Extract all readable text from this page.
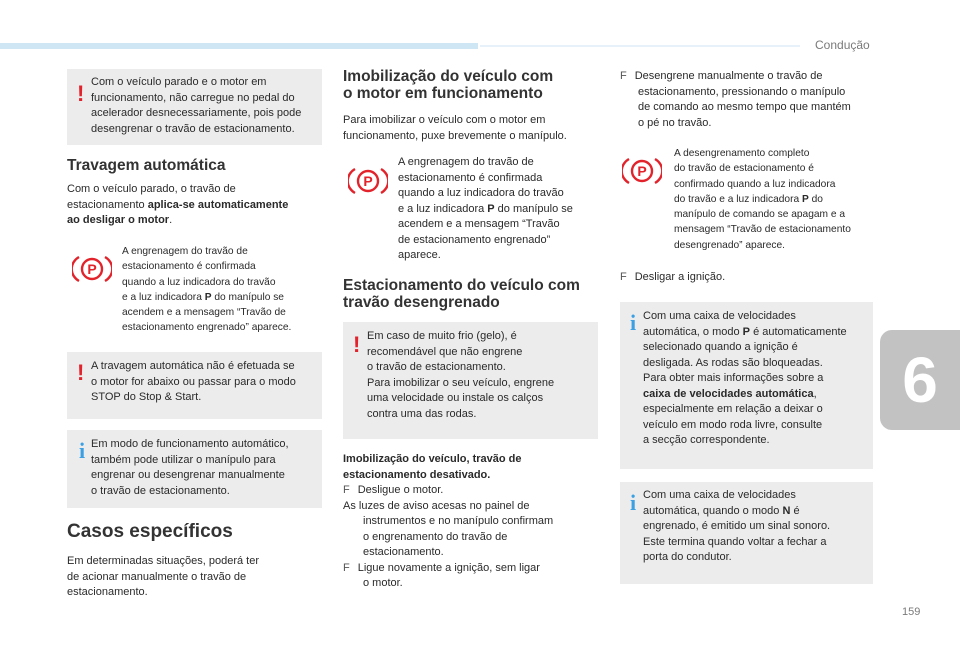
Condução
6
159
! Com o veículo parado e o motor em
funcionamento, não carregue no pedal do
acelerador desnecessariamente, pois pode
desengrenar o travão de estacionamento.
Travagem automática
Com o veículo parado, o travão de
estacionamento aplica-se automaticamente
ao desligar o motor.
P
A engrenagem do travão de
estacionamento é confirmada
quando a luz indicadora do travão
e a luz indicadora P do manípulo se
acendem e a mensagem “Travão de
estacionamento engrenado” aparece.
! A travagem automática não é efetuada se
o motor for abaixo ou passar para o modo
STOP do Stop & Start.
i Em modo de funcionamento automático,
também pode utilizar o manípulo para
engrenar ou desengrenar manualmente
o travão de estacionamento.
Casos específicos
Em determinadas situações, poderá ter
de acionar manualmente o travão de
estacionamento.
Imobilização do veículo com
o motor em funcionamento
Para imobilizar o veículo com o motor em
funcionamento, puxe brevemente o manípulo.
P
A engrenagem do travão de
estacionamento é confirmada
quando a luz indicadora do travão
e a luz indicadora P do manípulo se
acendem e a mensagem “Travão
de estacionamento engrenado”
aparece.
Estacionamento do veículo com
travão desengrenado
! Em caso de muito frio (gelo), é
recomendável que não engrene
o travão de estacionamento.
Para imobilizar o seu veículo, engrene
uma velocidade ou instale os calços
contra uma das rodas.
Imobilização do veículo, travão de
estacionamento desativado.
F Desligue o motor.
As luzes de aviso acesas no painel de
instrumentos e no manípulo confirmam
o engrenamento do travão de
estacionamento.
F Ligue novamente a ignição, sem ligar
o motor.
F Desengrene manualmente o travão de
estacionamento, pressionando o manípulo
de comando ao mesmo tempo que mantém
o pé no travão.
P
A desengrenamento completo
do travão de estacionamento é
confirmado quando a luz indicadora
do travão e a luz indicadora P do
manípulo de comando se apagam e a
mensagem “Travão de estacionamento
desengrenado” aparece.
F Desligar a ignição.
i Com uma caixa de velocidades
automática, o modo P é automaticamente
selecionado quando a ignição é
desligada. As rodas são bloqueadas.
Para obter mais informações sobre a
caixa de velocidades automática,
especialmente em relação a deixar o
veículo em modo roda livre, consulte
a secção correspondente.
i Com uma caixa de velocidades
automática, quando o modo N é
engrenado, é emitido um sinal sonoro.
Este termina quando voltar a fechar a
porta do condutor.
